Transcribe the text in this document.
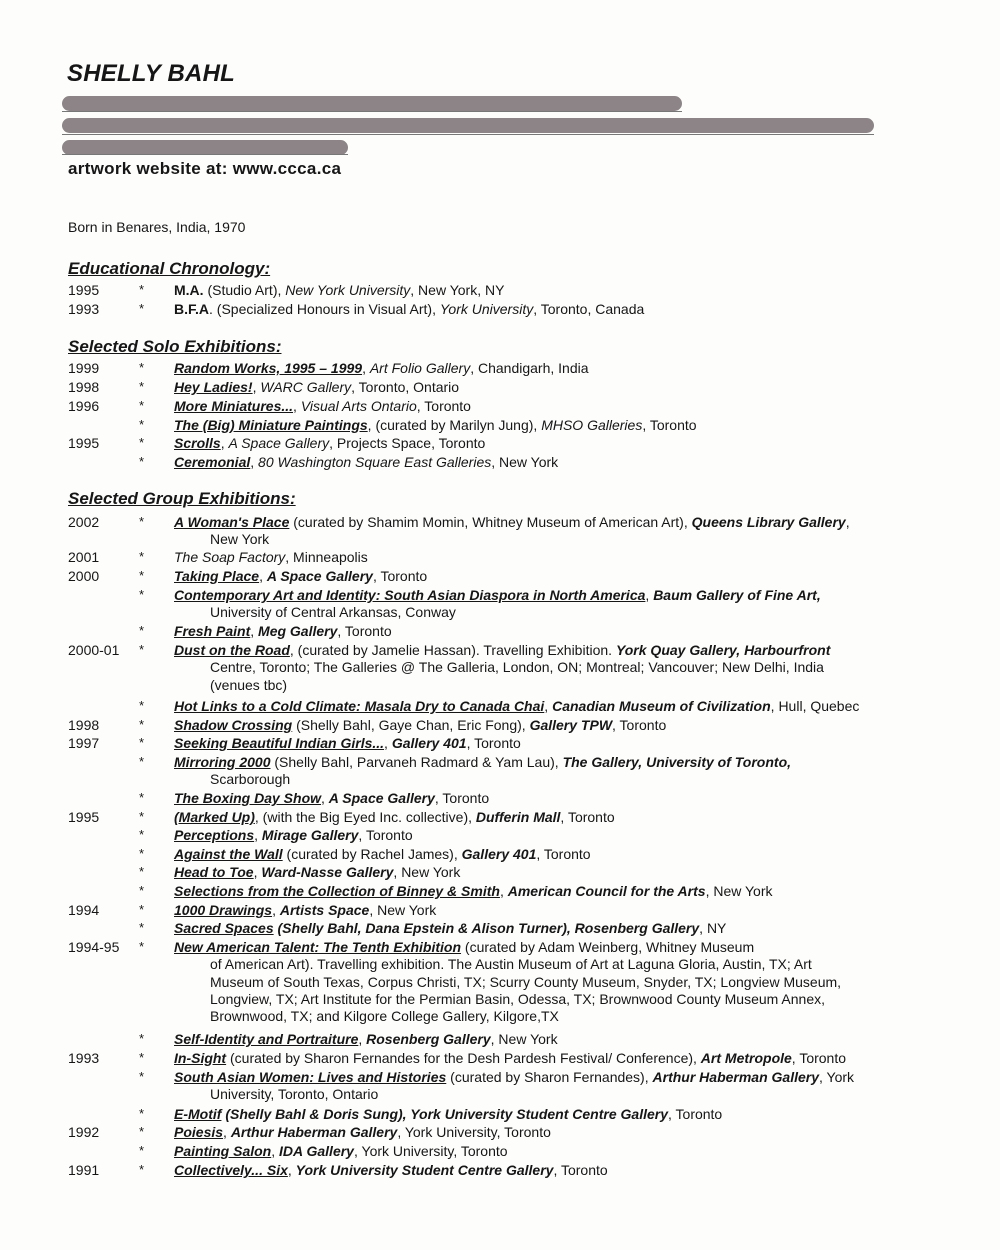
SHELLY BAHL
artwork website at: www.ccca.ca
Born in Benares, India, 1970
Educational Chronology:
1995	* M.A. (Studio Art), New York University, New York, NY
1993	* B.F.A. (Specialized Honours in Visual Art), York University, Toronto, Canada
Selected Solo Exhibitions:
1999	* Random Works, 1995 – 1999, Art Folio Gallery, Chandigarh, India
1998	* Hey Ladies!, WARC Gallery, Toronto, Ontario
1996	* More Miniatures..., Visual Arts Ontario, Toronto
* The (Big) Miniature Paintings, (curated by Marilyn Jung), MHSO Galleries, Toronto
1995	* Scrolls, A Space Gallery, Projects Space, Toronto
* Ceremonial, 80 Washington Square East Galleries, New York
Selected Group Exhibitions:
2002	* A Woman's Place (curated by Shamim Momin, Whitney Museum of American Art), Queens Library Gallery,
New York
2001	* The Soap Factory, Minneapolis
2000	* Taking Place, A Space Gallery, Toronto
* Contemporary Art and Identity: South Asian Diaspora in North America, Baum Gallery of Fine Art,
University of Central Arkansas, Conway
* Fresh Paint, Meg Gallery, Toronto
2000-01 * Dust on the Road, (curated by Jamelie Hassan). Travelling Exhibition. York Quay Gallery, Harbourfront
Centre, Toronto; The Galleries @ The Galleria, London, ON; Montreal; Vancouver; New Delhi, India
(venues tbc)
* Hot Links to a Cold Climate: Masala Dry to Canada Chai, Canadian Museum of Civilization, Hull, Quebec
1998	* Shadow Crossing (Shelly Bahl, Gaye Chan, Eric Fong), Gallery TPW, Toronto
1997	* Seeking Beautiful Indian Girls..., Gallery 401, Toronto
* Mirroring 2000 (Shelly Bahl, Parvaneh Radmard & Yam Lau), The Gallery, University of Toronto,
Scarborough
* The Boxing Day Show, A Space Gallery, Toronto
1995	* (Marked Up), (with the Big Eyed Inc. collective), Dufferin Mall, Toronto
* Perceptions, Mirage Gallery, Toronto
* Against the Wall (curated by Rachel James), Gallery 401, Toronto
* Head to Toe, Ward-Nasse Gallery, New York
* Selections from the Collection of Binney & Smith, American Council for the Arts, New York
1994	* 1000 Drawings, Artists Space, New York
* Sacred Spaces (Shelly Bahl, Dana Epstein & Alison Turner), Rosenberg Gallery, NY
1994-95 * New American Talent: The Tenth Exhibition (curated by Adam Weinberg, Whitney Museum
of American Art). Travelling exhibition. The Austin Museum of Art at Laguna Gloria, Austin, TX; Art
Museum of South Texas, Corpus Christi, TX; Scurry County Museum, Snyder, TX; Longview Museum,
Longview, TX; Art Institute for the Permian Basin, Odessa, TX; Brownwood County Museum Annex,
Brownwood, TX; and Kilgore College Gallery, Kilgore,TX
* Self-Identity and Portraiture, Rosenberg Gallery, New York
1993	* In-Sight (curated by Sharon Fernandes for the Desh Pardesh Festival/ Conference), Art Metropole, Toronto
* South Asian Women: Lives and Histories (curated by Sharon Fernandes), Arthur Haberman Gallery, York
University, Toronto, Ontario
* E-Motif (Shelly Bahl & Doris Sung), York University Student Centre Gallery, Toronto
1992	* Poiesis, Arthur Haberman Gallery, York University, Toronto
* Painting Salon, IDA Gallery, York University, Toronto
1991	* Collectively... Six, York University Student Centre Gallery, Toronto
